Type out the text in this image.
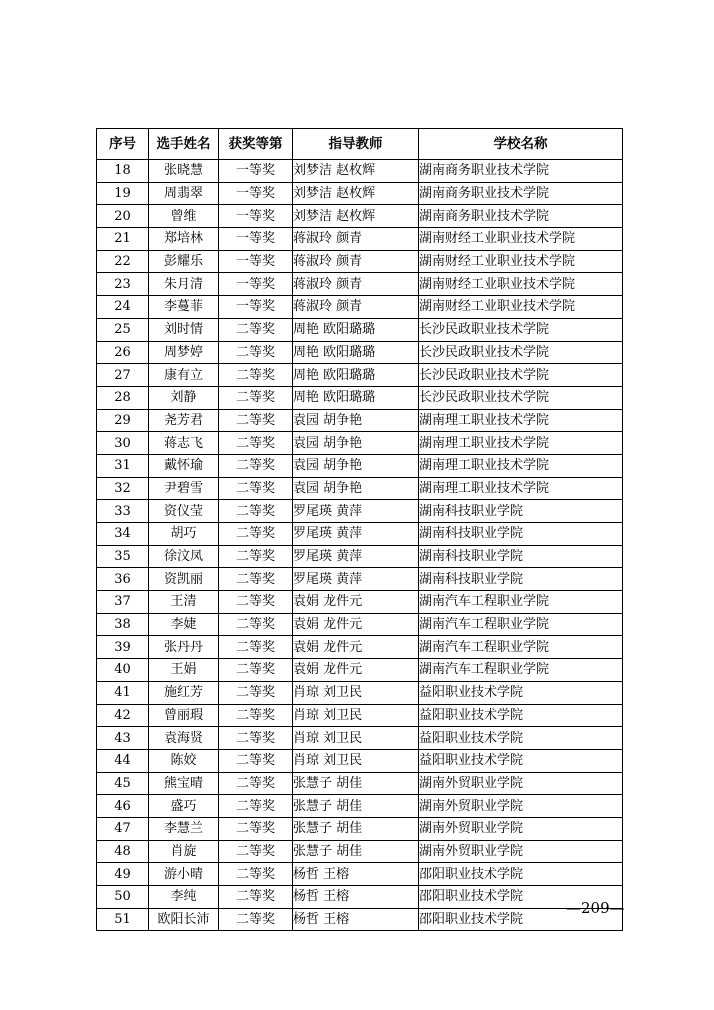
序号	选手姓名	获奖等第	指导教师	学校名称
18	张晓慧	一等奖	刘梦洁 赵枚辉	湖南商务职业技术学院
19	周翡翠	一等奖	刘梦洁 赵枚辉	湖南商务职业技术学院
20	曾维	一等奖	刘梦洁 赵枚辉	湖南商务职业技术学院
21	郑培林	一等奖	蒋淑玲 颜青	湖南财经工业职业技术学院
22	彭耀乐	一等奖	蒋淑玲 颜青	湖南财经工业职业技术学院
23	朱月清	一等奖	蒋淑玲 颜青	湖南财经工业职业技术学院
24	李蔓菲	一等奖	蒋淑玲 颜青	湖南财经工业职业技术学院
25	刘时情	二等奖	周艳 欧阳璐璐	长沙民政职业技术学院
26	周梦婷	二等奖	周艳 欧阳璐璐	长沙民政职业技术学院
27	康有立	二等奖	周艳 欧阳璐璐	长沙民政职业技术学院
28	刘静	二等奖	周艳 欧阳璐璐	长沙民政职业技术学院
29	尧芳君	二等奖	袁园 胡争艳	湖南理工职业技术学院
30	蒋志飞	二等奖	袁园 胡争艳	湖南理工职业技术学院
31	戴怀瑜	二等奖	袁园 胡争艳	湖南理工职业技术学院
32	尹碧雪	二等奖	袁园 胡争艳	湖南理工职业技术学院
33	资仪莹	二等奖	罗尾瑛 黄萍	湖南科技职业学院
34	胡巧	二等奖	罗尾瑛 黄萍	湖南科技职业学院
35	徐汶凤	二等奖	罗尾瑛 黄萍	湖南科技职业学院
36	资凯丽	二等奖	罗尾瑛 黄萍	湖南科技职业学院
37	王清	二等奖	袁娟 龙件元	湖南汽车工程职业学院
38	李婕	二等奖	袁娟 龙件元	湖南汽车工程职业学院
39	张丹丹	二等奖	袁娟 龙件元	湖南汽车工程职业学院
40	王娟	二等奖	袁娟 龙件元	湖南汽车工程职业学院
41	施红芳	二等奖	肖琼 刘卫民	益阳职业技术学院
42	曾丽瑕	二等奖	肖琼 刘卫民	益阳职业技术学院
43	袁海贤	二等奖	肖琼 刘卫民	益阳职业技术学院
44	陈姣	二等奖	肖琼 刘卫民	益阳职业技术学院
45	熊宝晴	二等奖	张慧子 胡佳	湖南外贸职业学院
46	盛巧	二等奖	张慧子 胡佳	湖南外贸职业学院
47	李慧兰	二等奖	张慧子 胡佳	湖南外贸职业学院
48	肖旋	二等奖	张慧子 胡佳	湖南外贸职业学院
49	游小晴	二等奖	杨哲 王榕	邵阳职业技术学院
50	李纯	二等奖	杨哲 王榕	邵阳职业技术学院
51	欧阳长沛	二等奖	杨哲 王榕	邵阳职业技术学院
—209—
